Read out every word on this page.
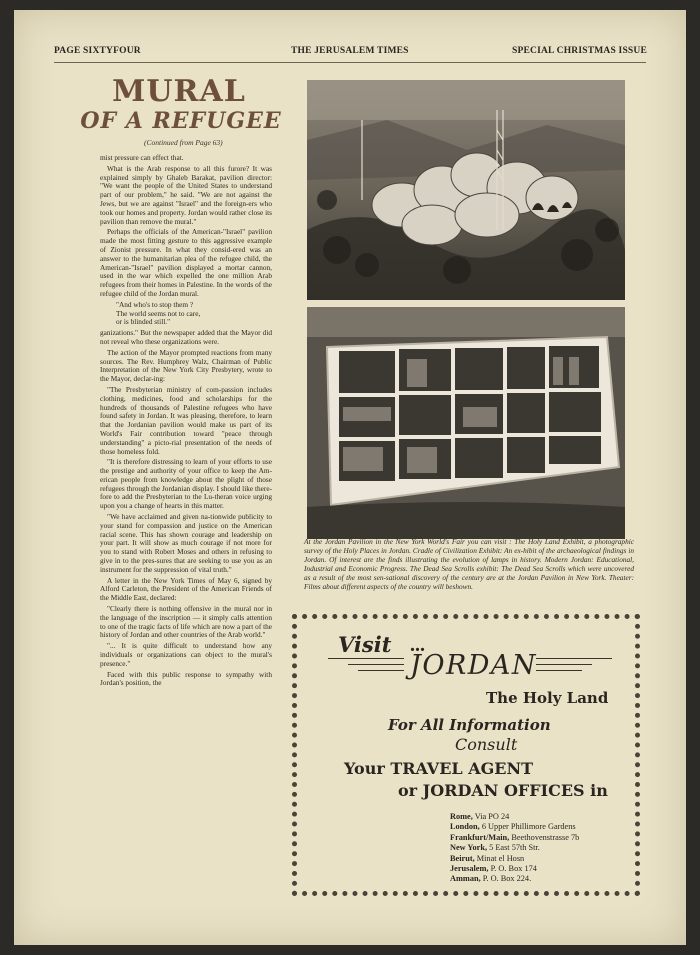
PAGE SIXTYFOUR	THE JERUSALEM TIMES	SPECIAL CHRISTMAS ISSUE
MURAL
OF A REFUGEE
(Continued from Page 63)

mist pressure can effect that.

What is the Arab response to all this furore? It was explained simply by Ghaleb Barakat, pavilion director: "We want the people of the United States to understand part of our problem," he said. "We are not against the Jews, but we are against "Israel" and the foreign-ers who took our homes and property. Jordan would rather close its pavilion than remove the mural."

Perhaps the officials of the American-"Israel" pavilion made the most fitting gesture to this aggressive example of Zionist pressure. In what they consid-ered was an answer to the humanitarian plea of the refugee child, the American-"Israel" pavilion displayed a mortar cannon, used in the war which expelled the one million Arab refugees from their homes in Palestine. In the words of the refugee child of the Jordan mural.

"And who's to stop them ?
The world seems not to care,
or is blinded still."

ganizations." But the newspaper added that the Mayor did not reveal who these organizations were.

The action of the Mayor prompted reactions from many sources. The Rev. Humphrey Walz, Chairman of Public Interpretation of the New York City Presbytery, wrote to the Mayor, declar-ing:

"The Presbyterian ministry of com-passion includes clothing, medicines, food and scholarships for the hundreds of thousands of Palestine refugees who have found safety in Jordan. It was pleasing, therefore, to learn that the Jordanian pavilion would make us part of its World's Fair contribution toward "peace through understanding" a picto-rial presentation of the needs of those homeless fold.

"It is therefore distressing to learn of your efforts to use the prestige and authority of your office to keep the Am-erican people from knowledge about the plight of those refugees through the Jordanian display. I should like there-fore to add the Presbyterian to the Lu-theran voice urging upon you a change of hearts in this matter.

"We have acclaimed and given na-tionwide publicity to your stand for compassion and justice on the American racial scene. This has shown courage and leadership on your part. It will show as much courage if not more for you to stand with Robert Moses and others in refusing to give in to the pres-sures that are seeking to use you as an instrument for the suppression of vital truth."

A letter in the New York Times of May 6, signed by Alford Carleton, the President of the American Friends of the Middle East, declared:

"Clearly there is nothing offensive in the mural nor in the language of the inscription — it simply calls attention to one of the tragic facts of life which are now a part of the history of Jordan and other countries of the Arab world."

"... It is quite difficult to understand how any individuals or organizations can object to the mural's presence."

Faced with this public response to sympathy with Jordan's position, the

At the Jordan Pavilion in the New York World's Fair you can visit : The Holy Land Exhibit, a photographic survey of the Holy Places in Jordan. Cradle of Civilization Exhibit: An ex-hibit of the archaeological findings in Jordan. Of interest are the finds illustrating the evolution of lamps in history. Modern Jordan: Educational, Industrial and Economic Progress. The Dead Sea Scrolls exhibit: The Dead Sea Scrolls which were uncovered as a result of the most sen-sational discovery of the century are at the Jordan Pavilion in New York. Theater: Films about different aspects of the country will beshown.
Visit ...
JORDAN
The Holy Land
For All Information
Consult
Your TRAVEL AGENT
or JORDAN OFFICES in
Rome, Via PO 24
London, 6 Upper Phillimore Gardens
Frankfurt/Main, Beethovenstrasse 7b
New York, 5 East 57th Str.
Beirut, Minat el Hosn
Jerusalem, P. O. Box 174
Amman, P. O. Box 224.
